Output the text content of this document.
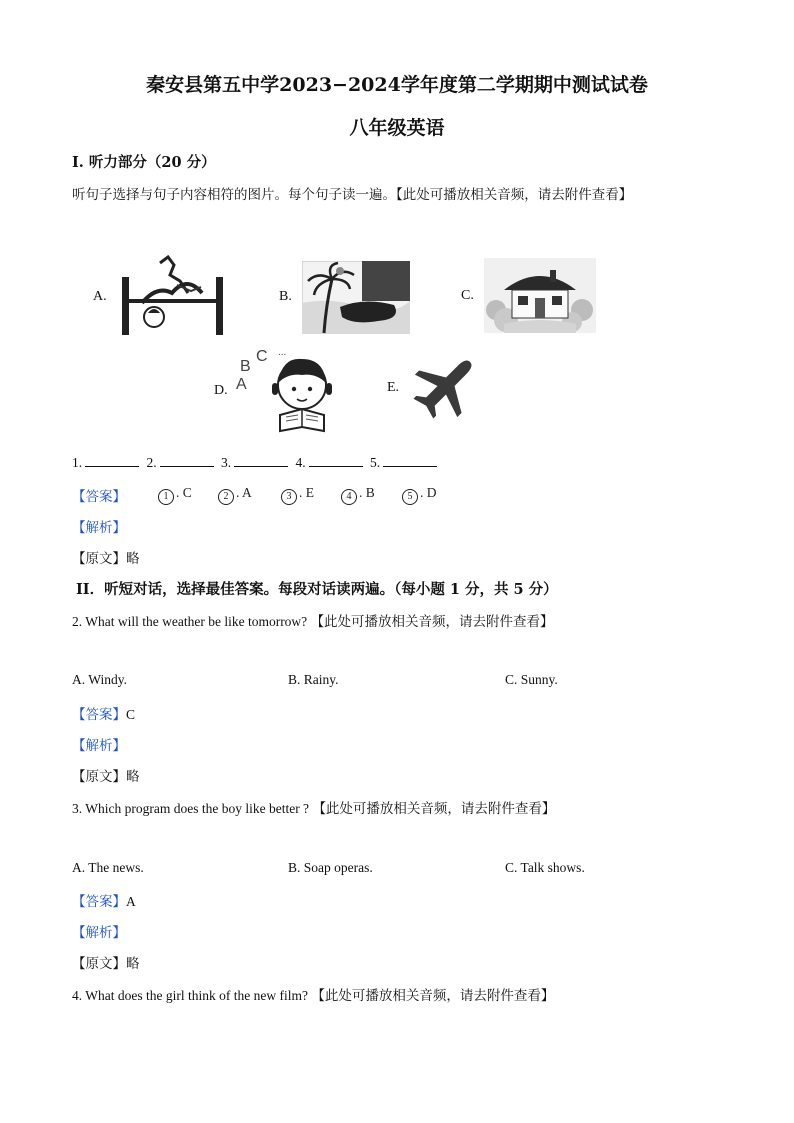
秦安县第五中学2023−2024学年度第二学期期中测试试卷
八年级英语
I. 听力部分（20 分）
听句子选择与句子内容相符的图片。每个句子读一遍。【此处可播放相关音频，请去附件查看】
A.	B.	C.
D.
B
C
A
...
E.
1.	2.	3.	4.	5.
【答案】	1 . C	2 . A	3 . E	4 . B	5 . D
【解析】
【原文】略
II．听短对话，选择最佳答案。每段对话读两遍。（每小题 1 分，共 5 分）
2. What will the weather be like tomorrow? 【此处可播放相关音频，请去附件查看】
A. Windy.	B. Rainy.	C. Sunny.
【答案】C
【解析】
【原文】略
3. Which program does the boy like better ? 【此处可播放相关音频，请去附件查看】
A. The news.	B. Soap operas.	C. Talk shows.
【答案】A
【解析】
【原文】略
4. What does the girl think of the new film? 【此处可播放相关音频，请去附件查看】
